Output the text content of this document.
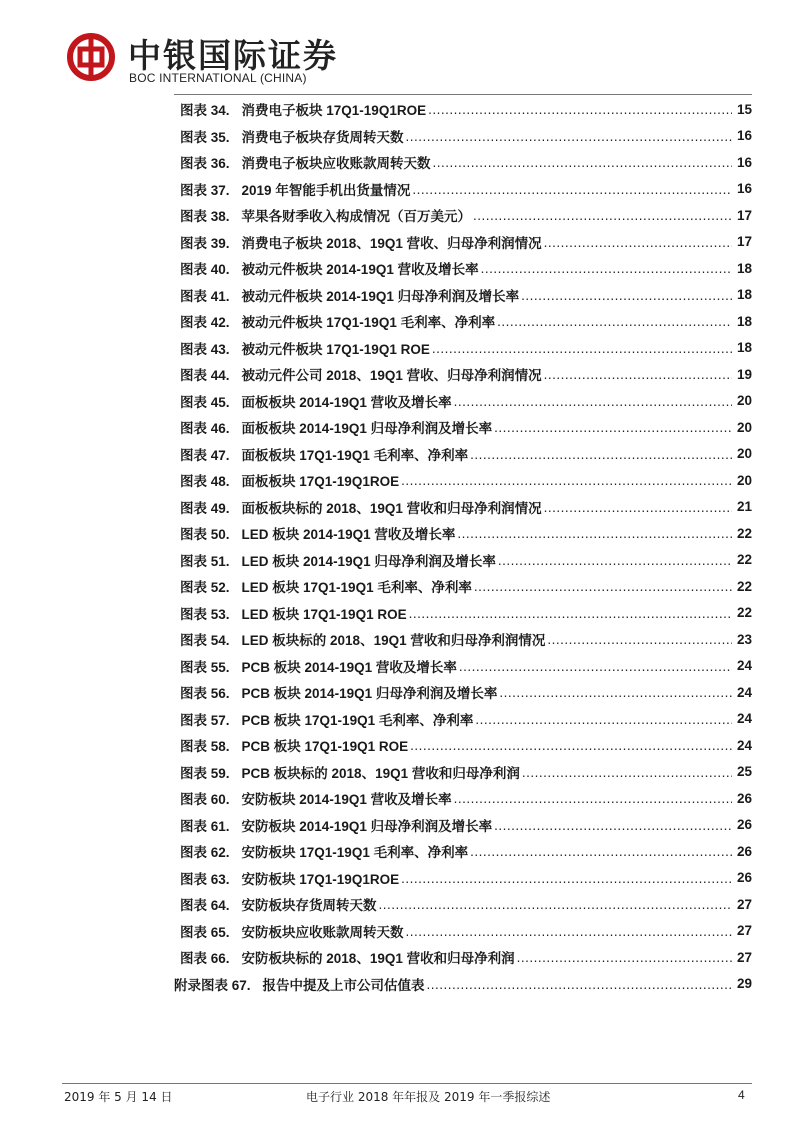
中银国际证券
BOC INTERNATIONAL (CHINA)
图表 34. 消费电子板块 17Q1-19Q1ROE .....	15
图表 35. 消费电子板块存货周转天数 .....	16
图表 36. 消费电子板块应收账款周转天数 .....	16
图表 37. 2019 年智能手机出货量情况 .....	16
图表 38. 苹果各财季收入构成情况（百万美元） .....	17
图表 39. 消费电子板块 2018、19Q1 营收、归母净利润情况 .....	17
图表 40. 被动元件板块 2014-19Q1 营收及增长率 .....	18
图表 41. 被动元件板块 2014-19Q1 归母净利润及增长率 .....	18
图表 42. 被动元件板块 17Q1-19Q1 毛利率、净利率 .....	18
图表 43. 被动元件板块 17Q1-19Q1 ROE .....	18
图表 44. 被动元件公司 2018、19Q1 营收、归母净利润情况 .....	19
图表 45. 面板板块 2014-19Q1 营收及增长率 .....	20
图表 46. 面板板块 2014-19Q1 归母净利润及增长率 .....	20
图表 47. 面板板块 17Q1-19Q1 毛利率、净利率 .....	20
图表 48. 面板板块 17Q1-19Q1ROE .....	20
图表 49. 面板板块标的 2018、19Q1 营收和归母净利润情况 .....	21
图表 50. LED 板块 2014-19Q1 营收及增长率 .....	22
图表 51. LED 板块 2014-19Q1 归母净利润及增长率 .....	22
图表 52. LED 板块 17Q1-19Q1 毛利率、净利率 .....	22
图表 53. LED 板块 17Q1-19Q1 ROE .....	22
图表 54. LED 板块标的 2018、19Q1 营收和归母净利润情况 .....	23
图表 55. PCB 板块 2014-19Q1 营收及增长率 .....	24
图表 56. PCB 板块 2014-19Q1 归母净利润及增长率 .....	24
图表 57. PCB 板块 17Q1-19Q1 毛利率、净利率 .....	24
图表 58. PCB 板块 17Q1-19Q1 ROE .....	24
图表 59. PCB 板块标的 2018、19Q1 营收和归母净利润 .....	25
图表 60. 安防板块 2014-19Q1 营收及增长率 .....	26
图表 61. 安防板块 2014-19Q1 归母净利润及增长率 .....	26
图表 62. 安防板块 17Q1-19Q1 毛利率、净利率 .....	26
图表 63. 安防板块 17Q1-19Q1ROE .....	26
图表 64. 安防板块存货周转天数 .....	27
图表 65. 安防板块应收账款周转天数 .....	27
图表 66. 安防板块标的 2018、19Q1 营收和归母净利润 .....	27
附录图表 67. 报告中提及上市公司估值表 .....	29
2019 年 5 月 14 日	电子行业 2018 年年报及 2019 年一季报综述	4
